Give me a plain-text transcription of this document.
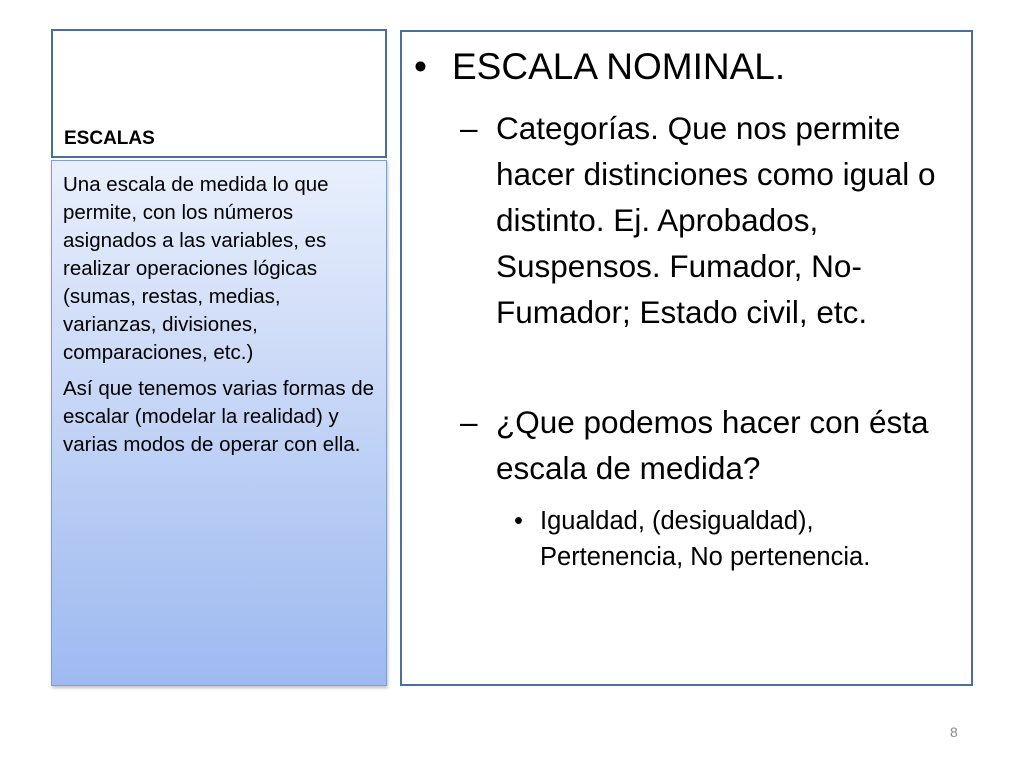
ESCALAS

Una escala de medida lo que permite, con los números asignados a las variables, es realizar operaciones lógicas (sumas, restas, medias, varianzas, divisiones, comparaciones, etc.)

Así que tenemos varias formas de escalar (modelar la realidad) y varias modos de operar con ella.

• ESCALA NOMINAL.
– Categorías. Que nos permite hacer distinciones como igual o distinto. Ej. Aprobados, Suspensos. Fumador, No-Fumador; Estado civil, etc.
– ¿Que podemos hacer con ésta escala de medida?
• Igualdad, (desigualdad), Pertenencia, No pertenencia.
8
